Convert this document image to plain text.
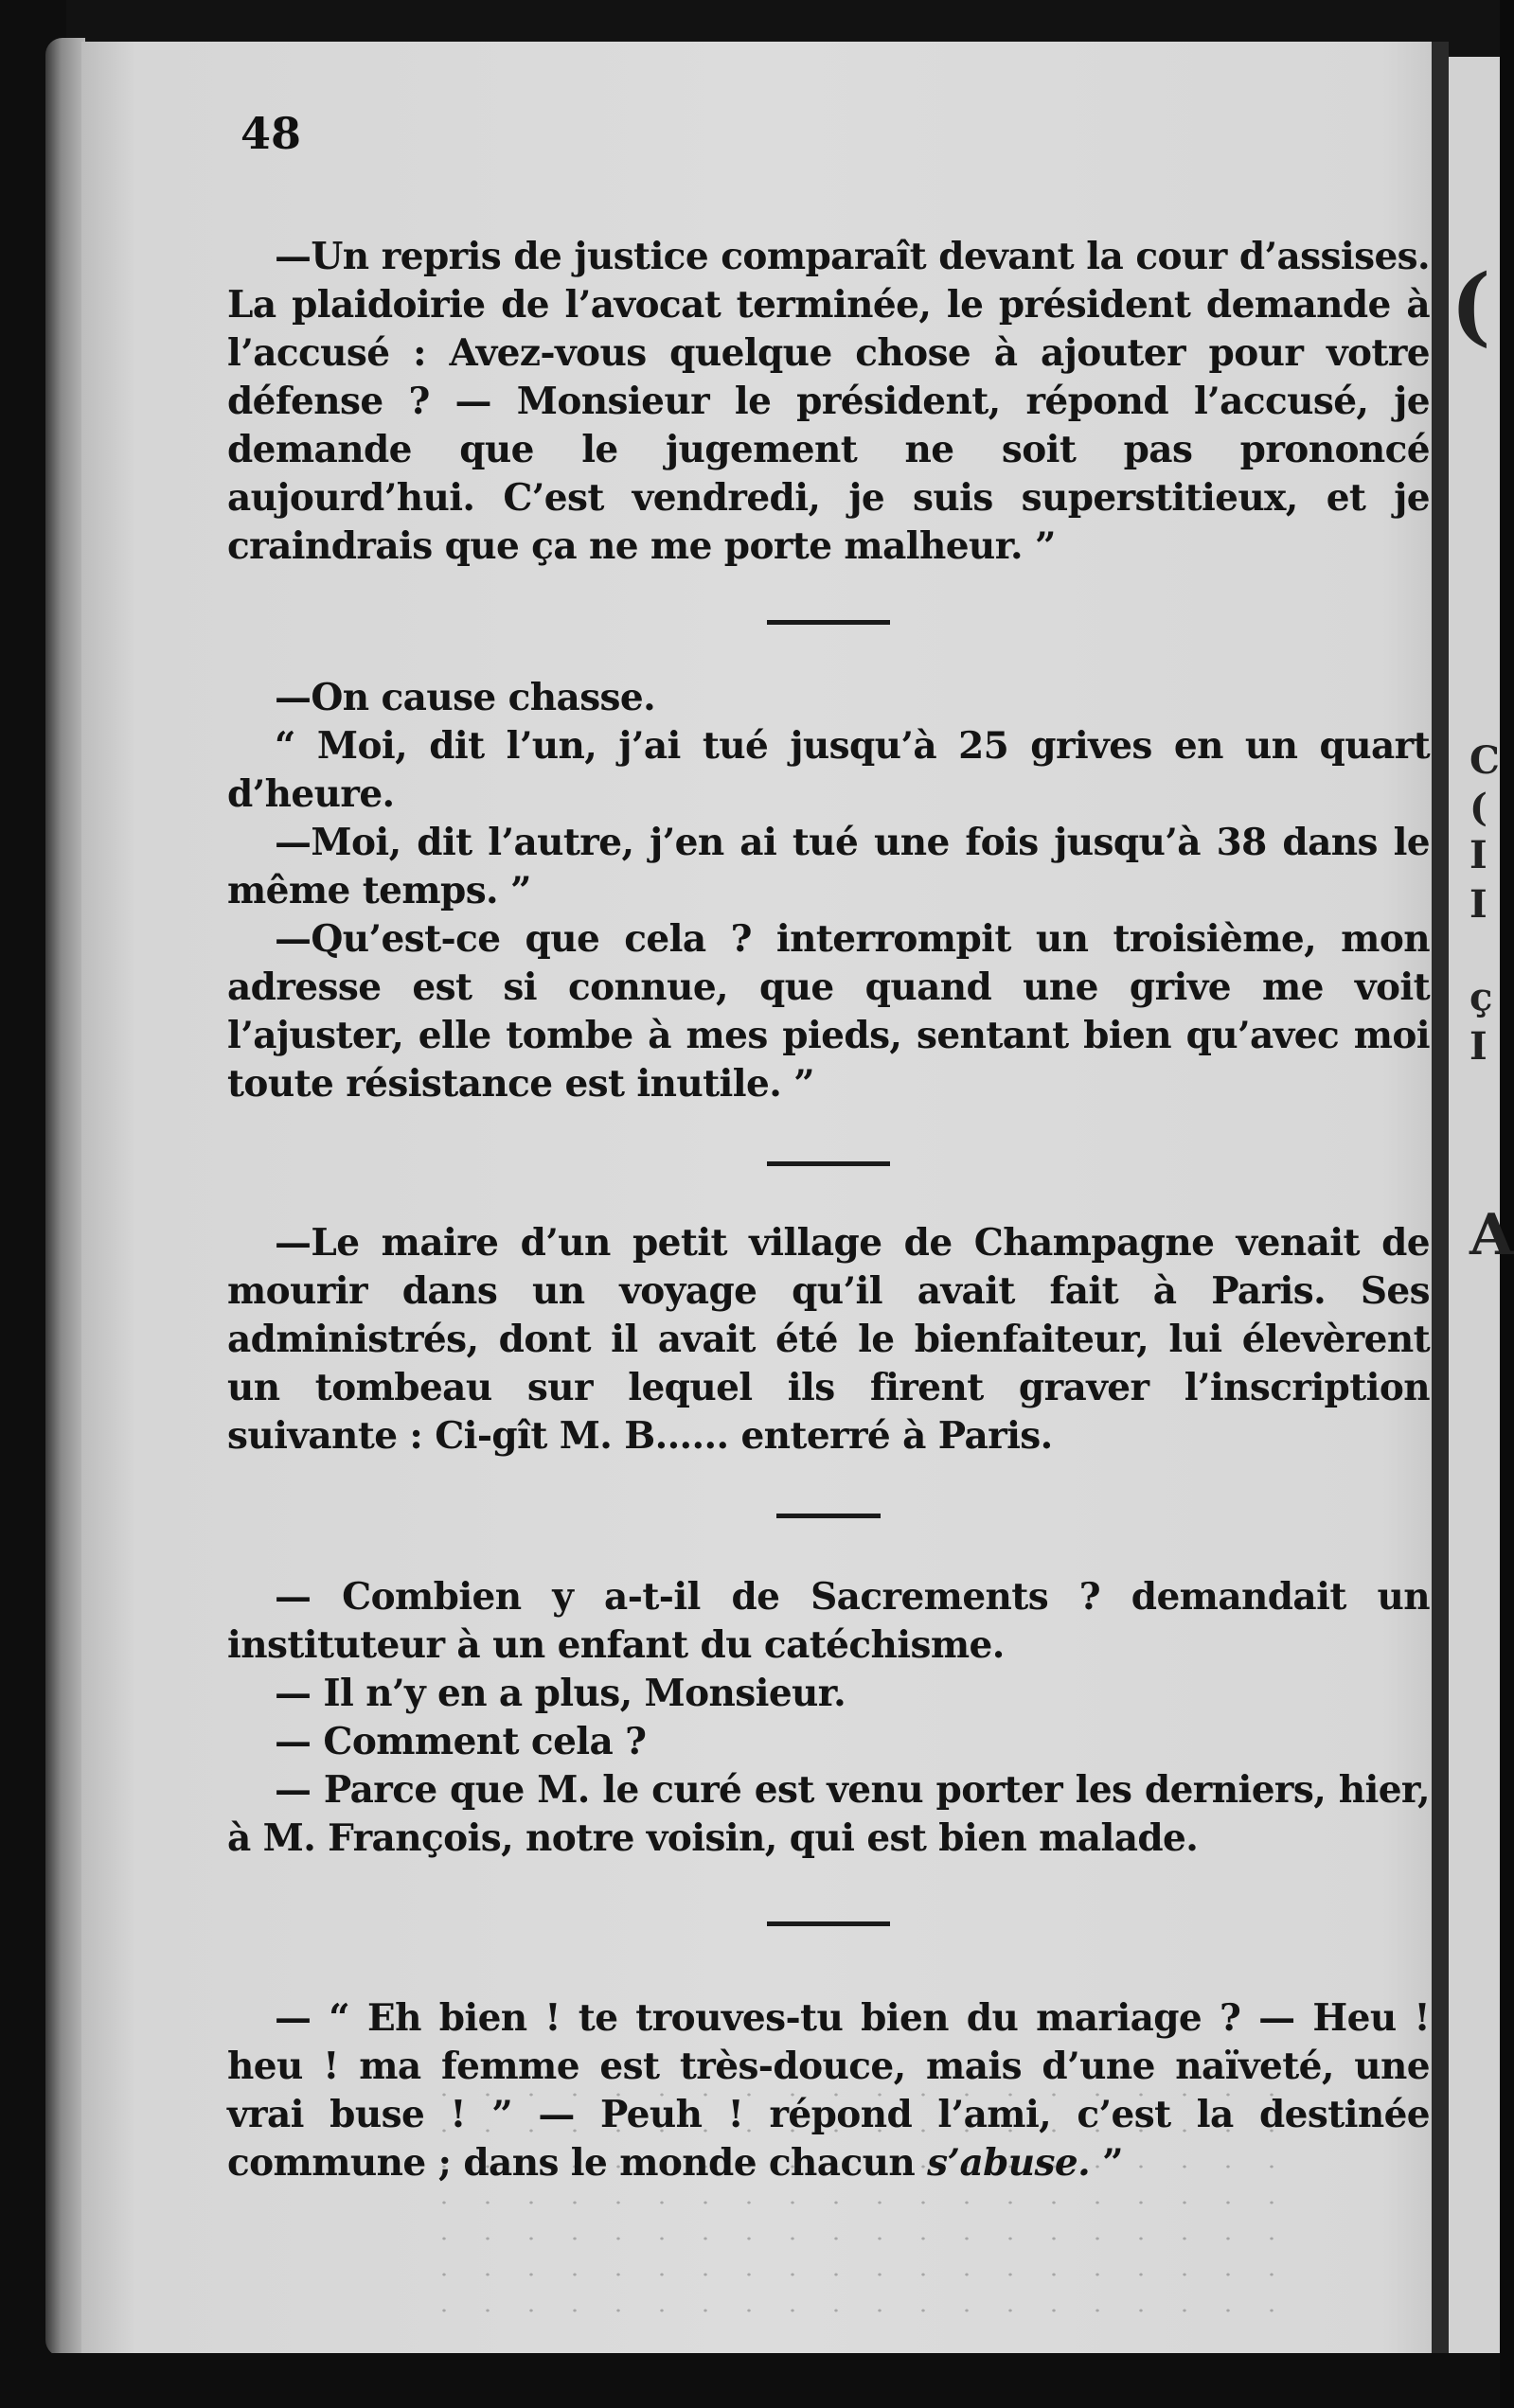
(
C
(
I
I
ç
I
A
48

—Un repris de justice comparaît devant la cour d’assises. La plaidoirie de l’avocat terminée, le président demande à l’accusé : Avez-vous quelque chose à ajouter pour votre défense ? — Monsieur le président, répond l’accusé, je demande que le jugement ne soit pas prononcé aujourd’hui. C’est vendredi, je suis superstitieux, et je craindrais que ça ne me porte malheur. ”

—On cause chasse.

“ Moi, dit l’un, j’ai tué jusqu’à 25 grives en un quart d’heure.

—Moi, dit l’autre, j’en ai tué une fois jusqu’à 38 dans le même temps. ”

—Qu’est-ce que cela ? interrompit un troisième, mon adresse est si connue, que quand une grive me voit l’ajuster, elle tombe à mes pieds, sentant bien qu’avec moi toute résistance est inutile. ”

—Le maire d’un petit village de Champagne venait de mourir dans un voyage qu’il avait fait à Paris. Ses administrés, dont il avait été le bienfaiteur, lui élevèrent un tombeau sur lequel ils firent graver l’inscription suivante : Ci-gît M. B...... enterré à Paris.

— Combien y a-t-il de Sacrements ? demandait un instituteur à un enfant du catéchisme.

— Il n’y en a plus, Monsieur.

— Comment cela ?

— Parce que M. le curé est venu porter les derniers, hier, à M. François, notre voisin, qui est bien malade.

— “ Eh bien ! te trouves-tu bien du mariage ? — Heu ! heu ! ma femme est très-douce, mais d’une naïveté, une vrai buse ! ” — Peuh ! répond l’ami, c’est la destinée commune ; dans le monde chacun s’abuse. ”
